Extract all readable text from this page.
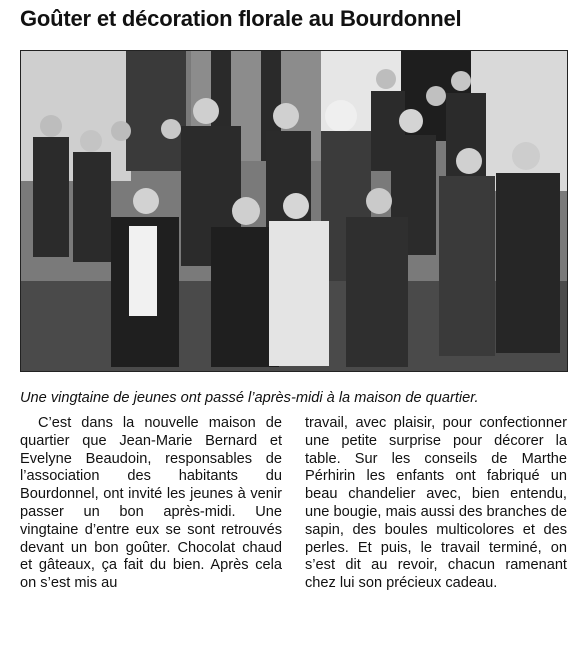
Goûter et décoration florale au Bourdonnel

Une vingtaine de jeunes ont passé l’après-midi à la maison de quartier.

C’est dans la nouvelle maison de quartier que Jean-Marie Bernard et Evelyne Beaudoin, responsables de l’association des habitants du Bourdonnel, ont invité les jeunes à venir passer un bon après-midi. Une vingtaine d’entre eux se sont retrouvés devant un bon goûter. Chocolat chaud et gâteaux, ça fait du bien. Après cela on s’est mis au

travail, avec plaisir, pour confectionner une petite surprise pour décorer la table. Sur les conseils de Marthe Pérhirin les enfants ont fabriqué un beau chandelier avec, bien entendu, une bougie, mais aussi des branches de sapin, des boules multicolores et des perles. Et puis, le travail terminé, on s’est dit au revoir, chacun ramenant chez lui son précieux cadeau.
